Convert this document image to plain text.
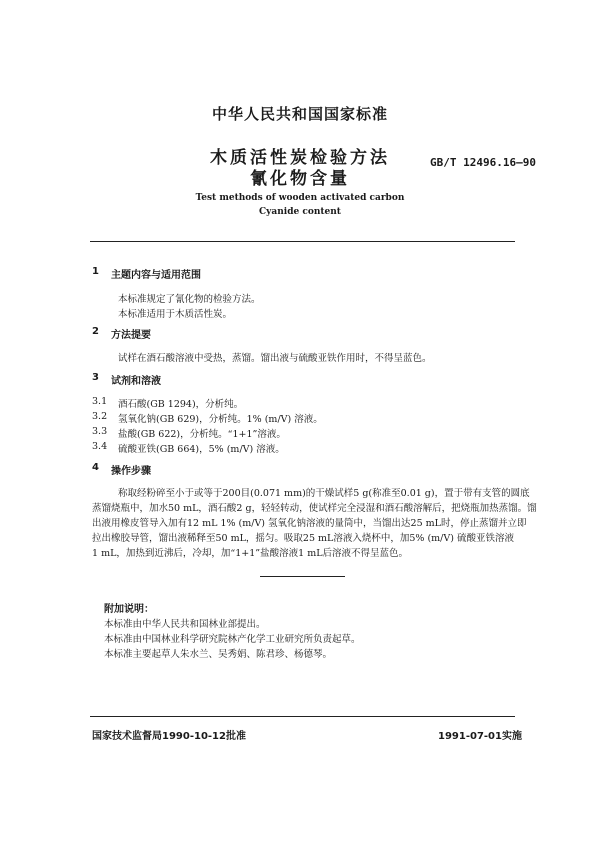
中华人民共和国国家标准
木质活性炭检验方法
氰化物含量
GB/T 12496.16—90
Test methods of wooden activated carbon
Cyanide content
1 主题内容与适用范围
本标准规定了氰化物的检验方法。
本标准适用于木质活性炭。
2 方法提要
试样在酒石酸溶液中受热，蒸馏。馏出液与硫酸亚铁作用时，不得呈蓝色。
3 试剂和溶液
3.1 酒石酸(GB 1294)，分析纯。
3.2 氢氧化钠(GB 629)，分析纯。1% (m/V) 溶液。
3.3 盐酸(GB 622)，分析纯。“1+1”溶液。
3.4 硫酸亚铁(GB 664)，5% (m/V) 溶液。
4 操作步骤
称取经粉碎至小于或等于200目(0.071 mm)的干燥试样5 g(称准至0.01 g)，置于带有支管的圆底
蒸馏烧瓶中，加水50 mL，酒石酸2 g，轻轻转动，使试样完全浸湿和酒石酸溶解后，把烧瓶加热蒸馏。馏
出液用橡皮管导入加有12 mL 1% (m/V) 氢氧化钠溶液的量筒中，当馏出达25 mL时，停止蒸馏并立即
拉出橡胶导管，馏出液稀释至50 mL，摇匀。吸取25 mL溶液入烧杯中，加5% (m/V) 硫酸亚铁溶液
1 mL，加热到近沸后，冷却，加“1+1”盐酸溶液1 mL后溶液不得呈蓝色。
附加说明：
本标准由中华人民共和国林业部提出。
本标准由中国林业科学研究院林产化学工业研究所负责起草。
本标准主要起草人朱水兰、吴秀娟、陈君珍、杨德琴。
国家技术监督局1990-10-12批准	1991-07-01实施
